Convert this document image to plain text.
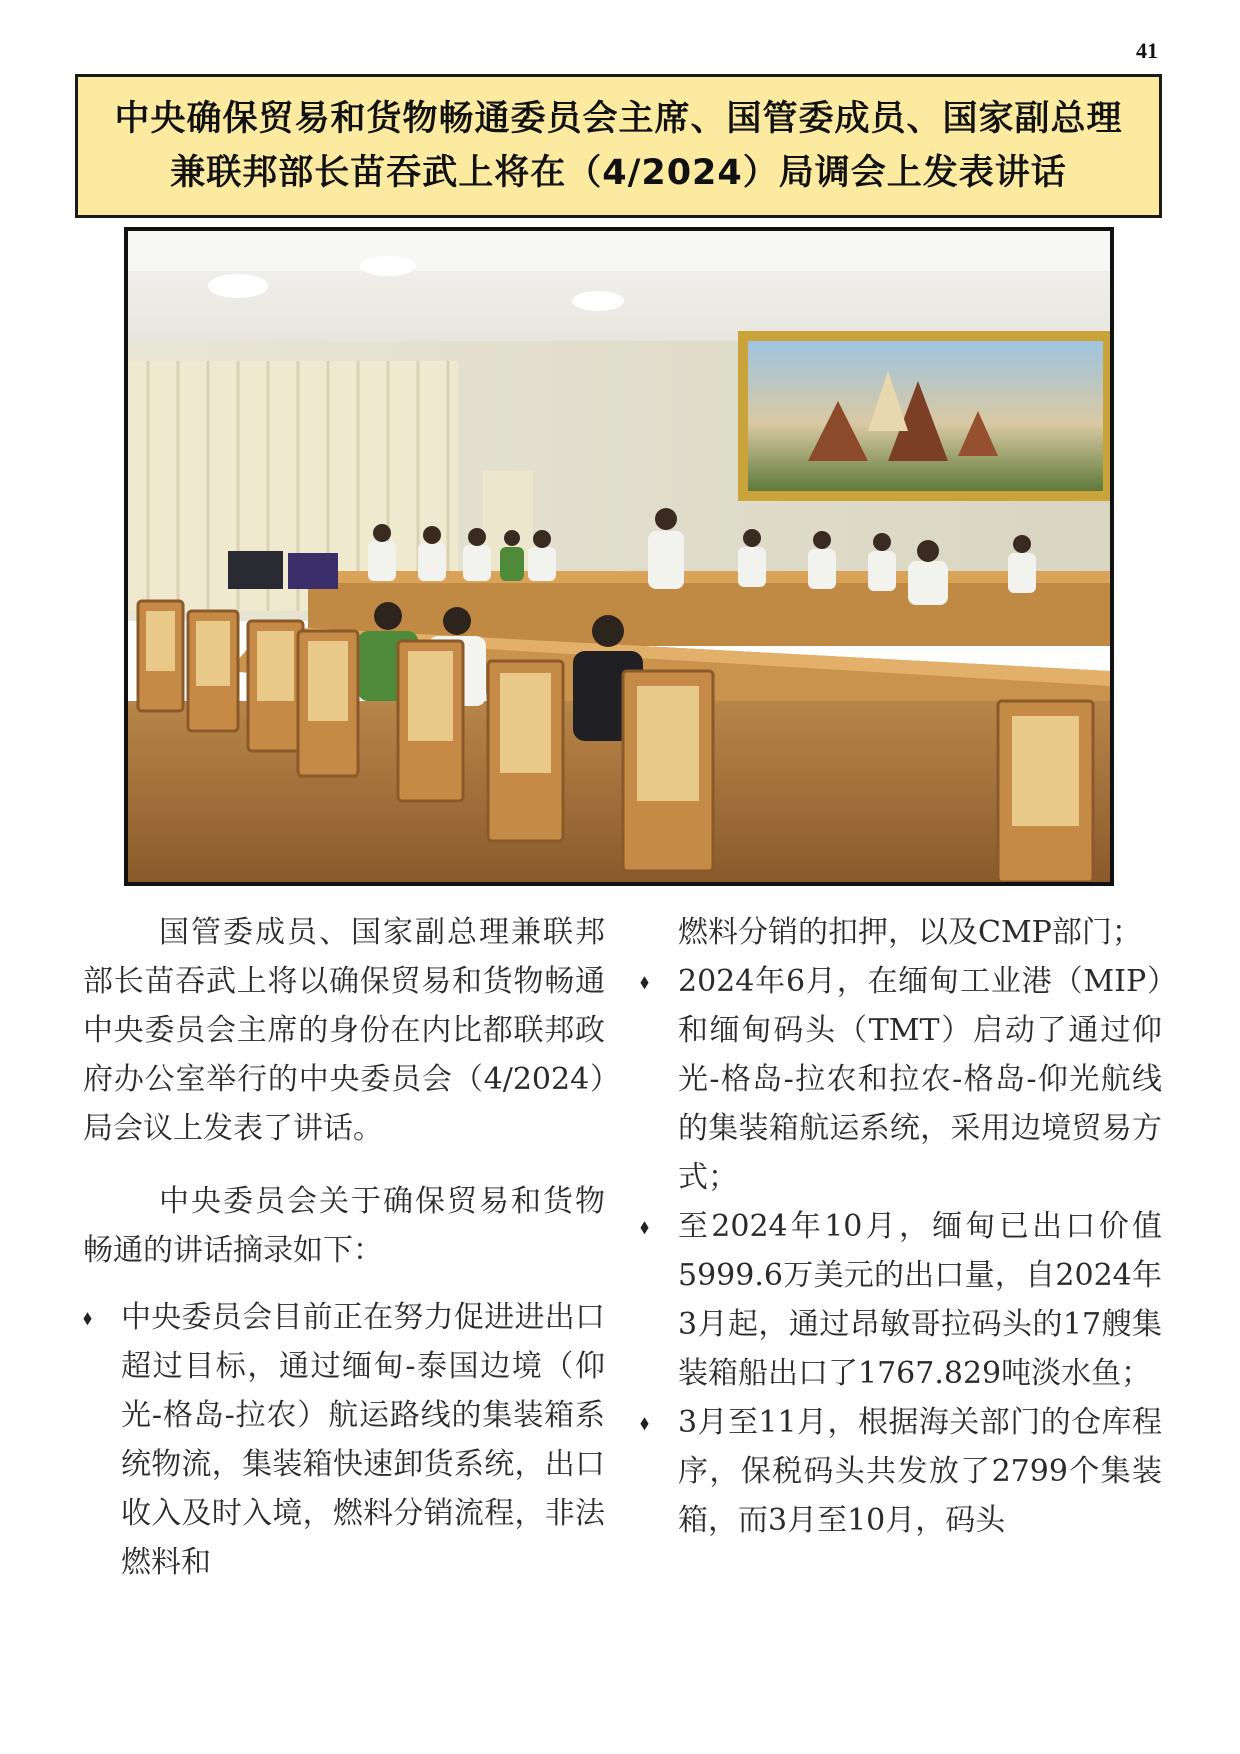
41
中央确保贸易和货物畅通委员会主席、国管委成员、国家副总理
兼联邦部长苗吞武上将在（4/2024）局调会上发表讲话

国管委成员、国家副总理兼联邦部长苗吞武上将以确保贸易和货物畅通中央委员会主席的身份在内比都联邦政府办公室举行的中央委员会（4/2024）局会议上发表了讲话。

中央委员会关于确保贸易和货物畅通的讲话摘录如下：

⬧ 中央委员会目前正在努力促进进出口超过目标，通过缅甸-泰国边境（仰光-格岛-拉农）航运路线的集装箱系统物流，集装箱快速卸货系统，出口收入及时入境，燃料分销流程，非法燃料和

燃料分销的扣押，以及CMP部门；

⬧ 2024年6月，在缅甸工业港（MIP）和缅甸码头（TMT）启动了通过仰光-格岛-拉农和拉农-格岛-仰光航线的集装箱航运系统，采用边境贸易方式；
⬧ 至2024年10月，缅甸已出口价值5999.6万美元的出口量，自2024年3月起，通过昂敏哥拉码头的17艘集装箱船出口了1767.829吨淡水鱼；
⬧ 3月至11月，根据海关部门的仓库程序，保税码头共发放了2799个集装箱，而3月至10月，码头
